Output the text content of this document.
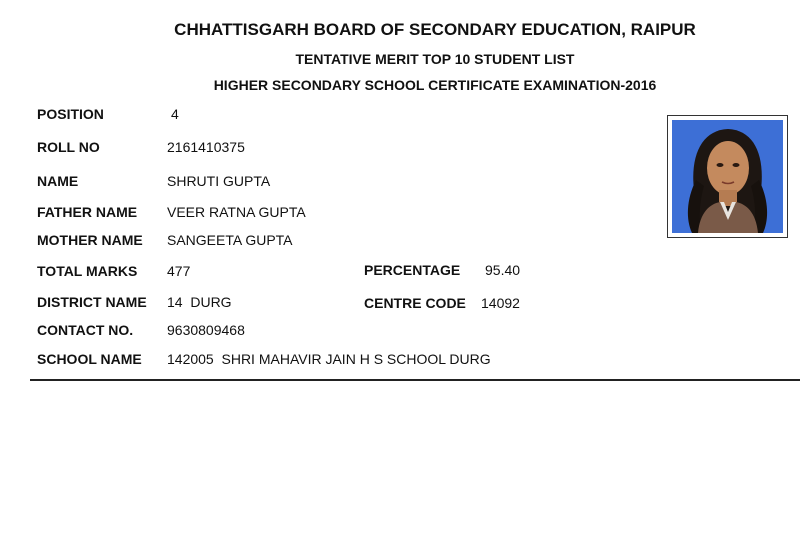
CHHATTISGARH BOARD OF SECONDARY EDUCATION, RAIPUR
TENTATIVE MERIT TOP 10 STUDENT LIST
HIGHER SECONDARY SCHOOL CERTIFICATE EXAMINATION-2016
POSITION	4
ROLL NO	2161410375
NAME	SHRUTI GUPTA
FATHER NAME VEER RATNA GUPTA
MOTHER NAME SANGEETA GUPTA
TOTAL MARKS 477	PERCENTAGE 95.40
DISTRICT NAME 14  DURG	CENTRE CODE 14092
CONTACT NO. 9630809468
SCHOOL NAME 142005  SHRI MAHAVIR JAIN H S SCHOOL DURG
